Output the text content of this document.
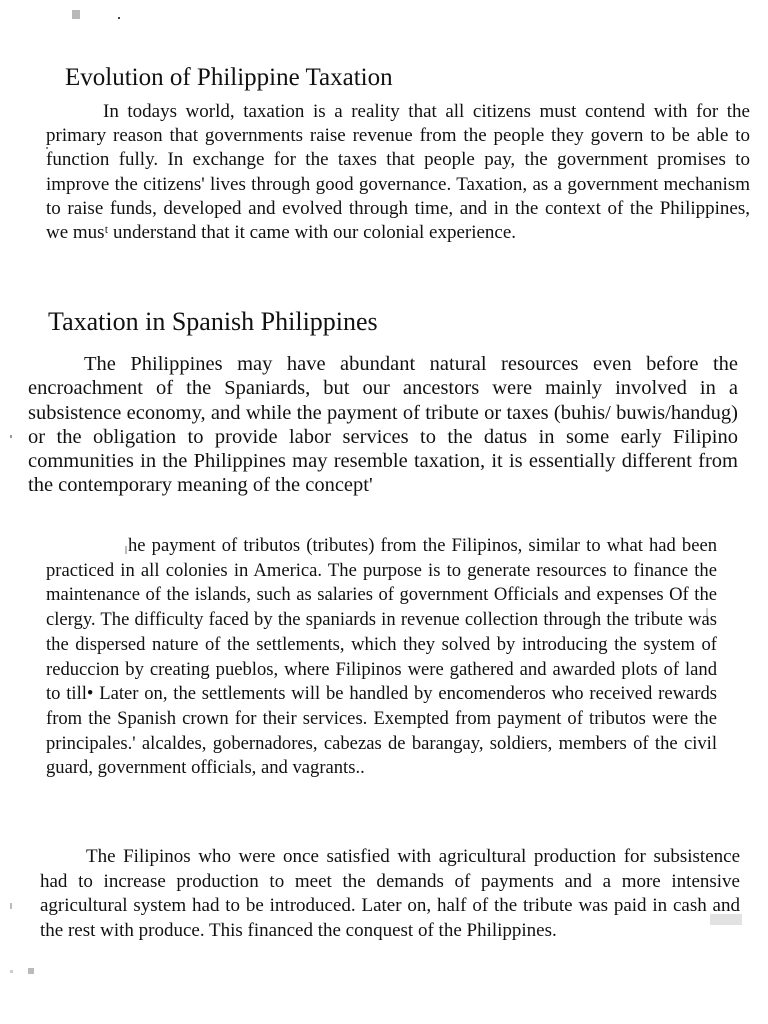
Evolution of Philippine Taxation

In todays world, taxation is a reality that all citizens must contend with for the primary reason that governments raise revenue from the people they govern to be able to function fully. In exchange for the taxes that people pay, the government promises to improve the citizens' lives through good governance. Taxation, as a government mechanism to raise funds, developed and evolved through time, and in the context of the Philippines, we musᵗ understand that it came with our colonial experience.

Taxation in Spanish Philippines

The Philippines may have abundant natural resources even before the encroachment of the Spaniards, but our ancestors were mainly involved in a subsistence economy, and while the payment of tribute or taxes (buhis/ buwis/handug) or the obligation to provide labor services to the datus in some early Filipino communities in the Philippines may resemble taxation, it is essentially different from the contemporary meaning of the concept'

he payment of tributos (tributes) from the Filipinos, similar to what had been practiced in all colonies in America. The purpose is to generate resources to finance the maintenance of the islands, such as salaries of government Officials and expenses Of the clergy. The difficulty faced by the spaniards in revenue collection through the tribute was the dispersed nature of the settlements, which they solved by introducing the system of reduccion by creating pueblos, where Filipinos were gathered and awarded plots of land to till• Later on, the settlements will be handled by encomenderos who received rewards from the Spanish crown for their services. Exempted from payment of tributos were the principales.' alcaldes, gobernadores, cabezas de barangay, soldiers, members of the civil guard, government officials, and vagrants..

The Filipinos who were once satisfied with agricultural production for subsistence had to increase production to meet the demands of payments and a more intensive agricultural system had to be introduced. Later on, half of the tribute was paid in cash and the rest with produce. This financed the conquest of the Philippines.
